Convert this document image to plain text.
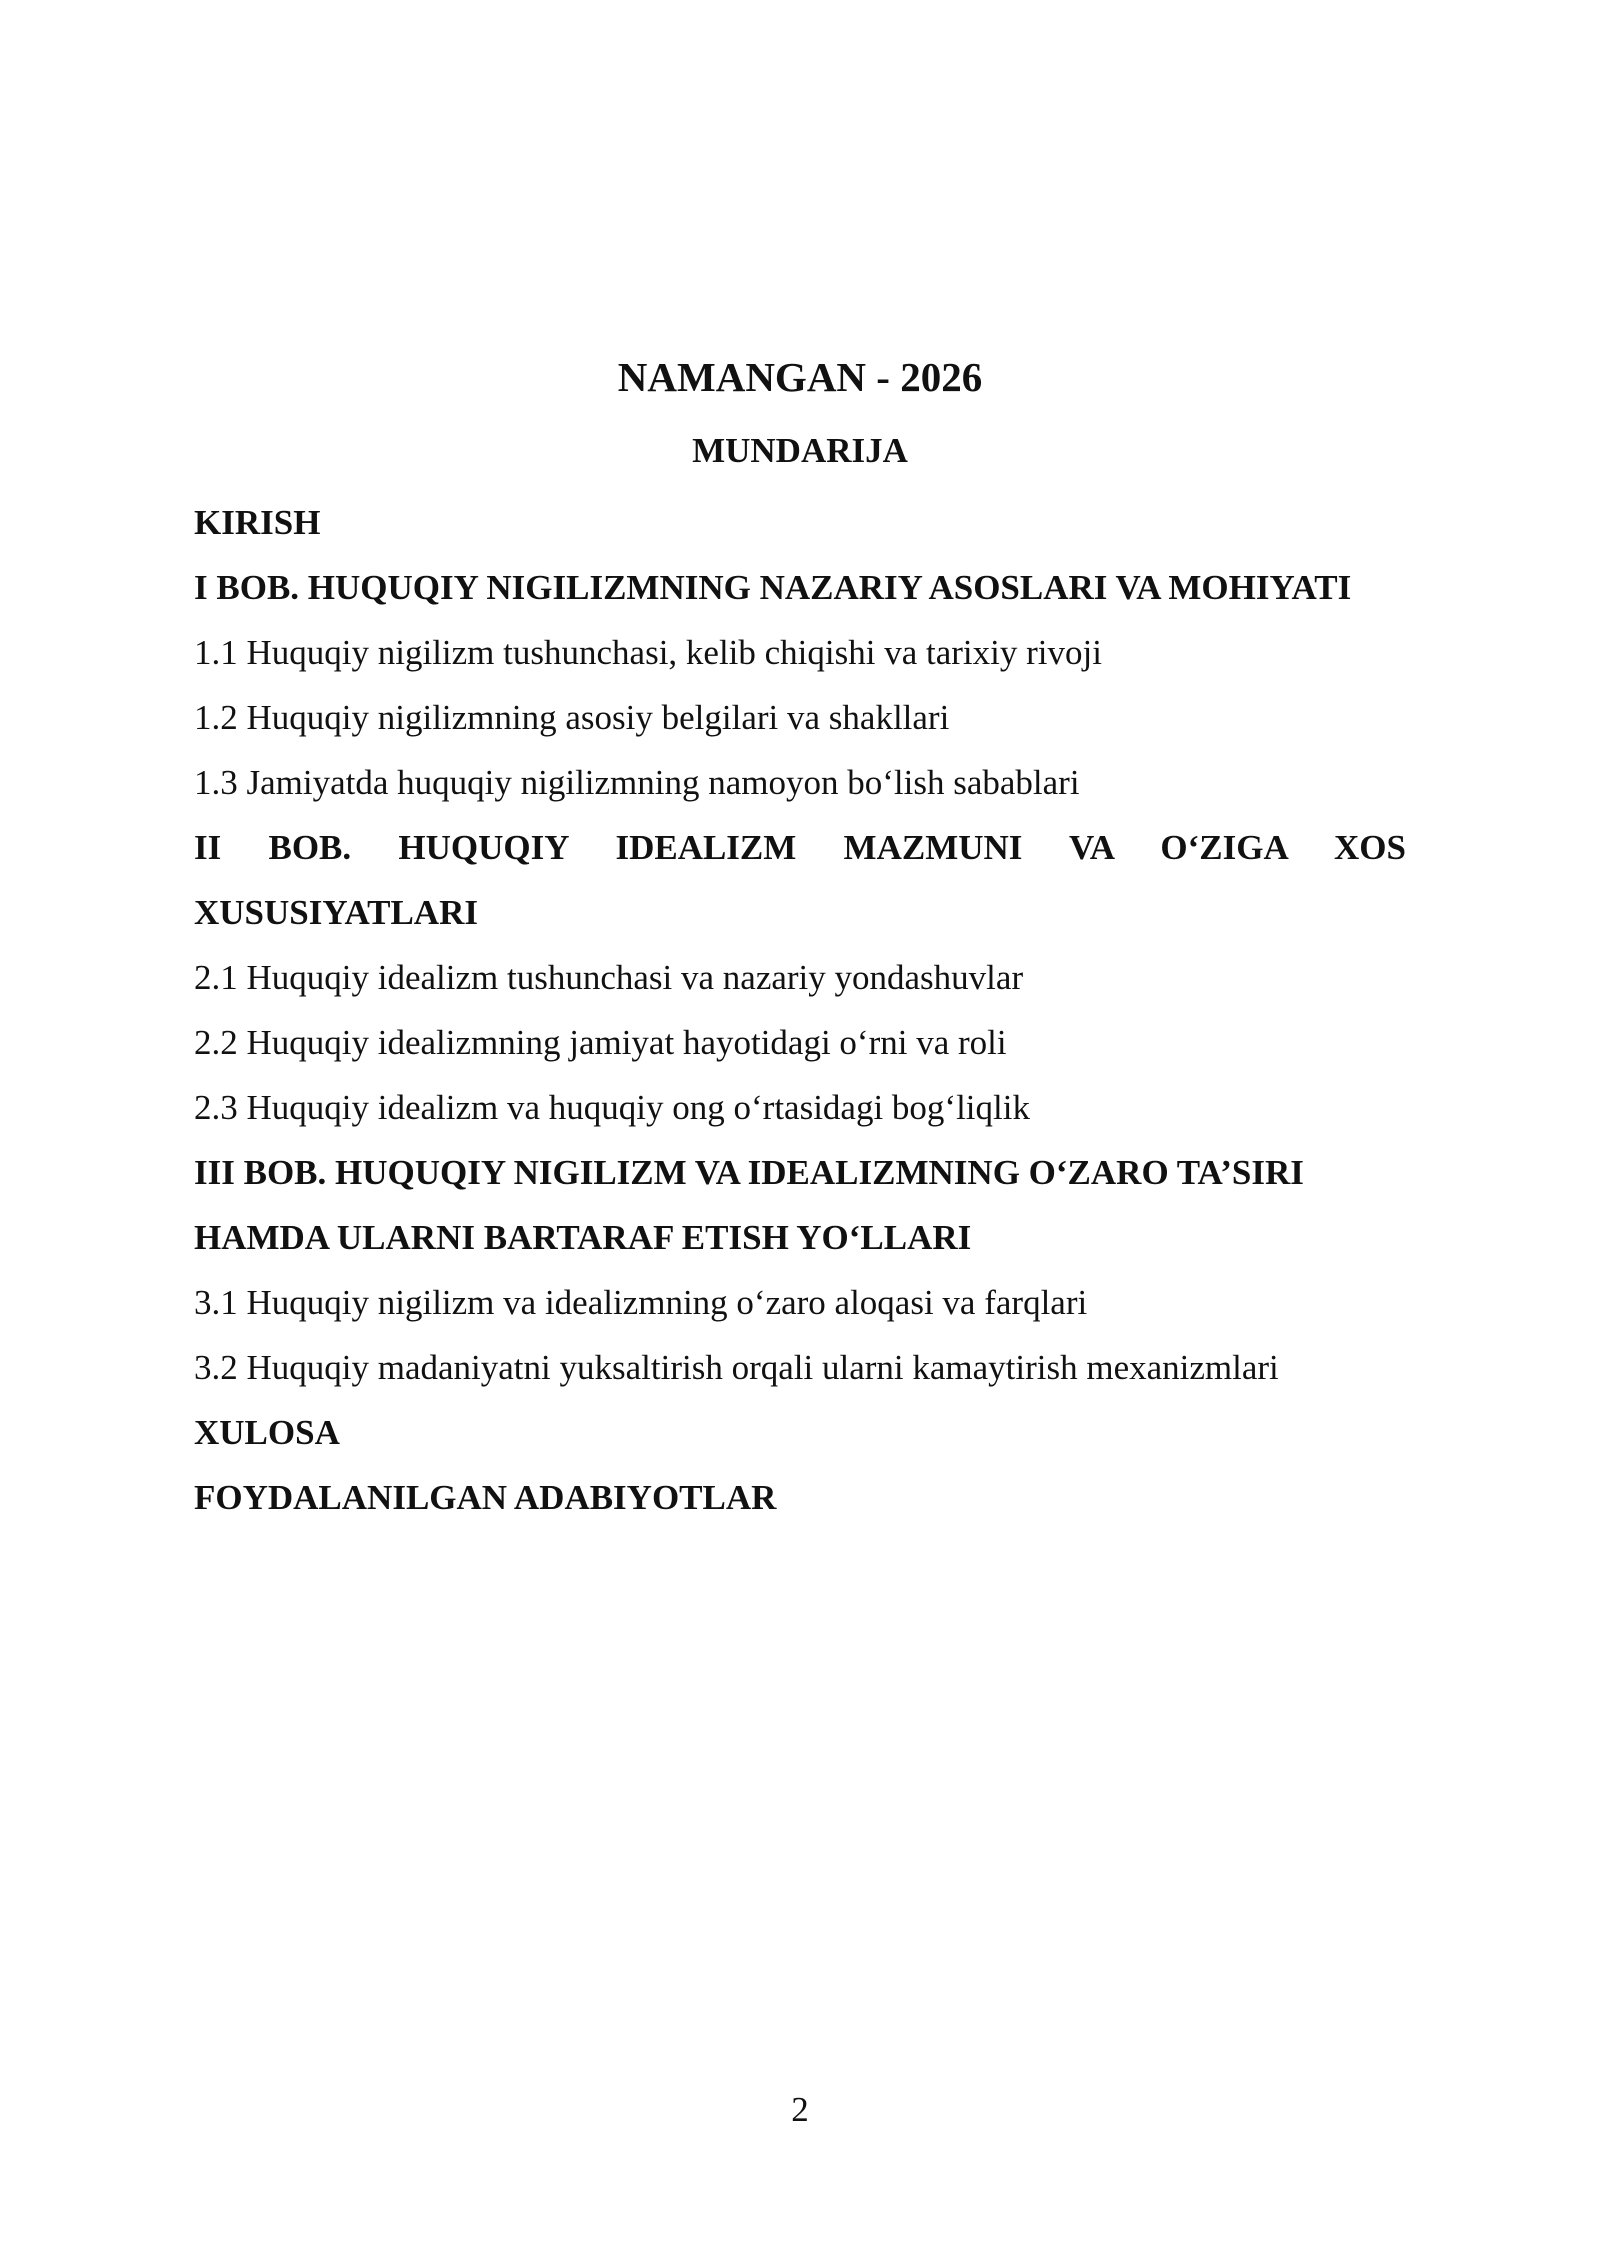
NAMANGAN - 2026
MUNDARIJA
KIRISH
I BOB. HUQUQIY NIGILIZMNING NAZARIY ASOSLARI VA MOHIYATI
1.1 Huquqiy nigilizm tushunchasi, kelib chiqishi va tarixiy rivoji
1.2 Huquqiy nigilizmning asosiy belgilari va shakllari
1.3 Jamiyatda huquqiy nigilizmning namoyon bo‘lish sabablari
II BOB. HUQUQIY IDEALIZM MAZMUNI VA O‘ZIGA XOS XUSUSIYATLARI
2.1 Huquqiy idealizm tushunchasi va nazariy yondashuvlar
2.2 Huquqiy idealizmning jamiyat hayotidagi o‘rni va roli
2.3 Huquqiy idealizm va huquqiy ong o‘rtasidagi bog‘liqlik
III BOB. HUQUQIY NIGILIZM VA IDEALIZMNING O‘ZARO TA’SIRI
HAMDA ULARNI BARTARAF ETISH YO‘LLARI
3.1 Huquqiy nigilizm va idealizmning o‘zaro aloqasi va farqlari
3.2 Huquqiy madaniyatni yuksaltirish orqali ularni kamaytirish mexanizmlari
XULOSA
FOYDALANILGAN ADABIYOTLAR
2
